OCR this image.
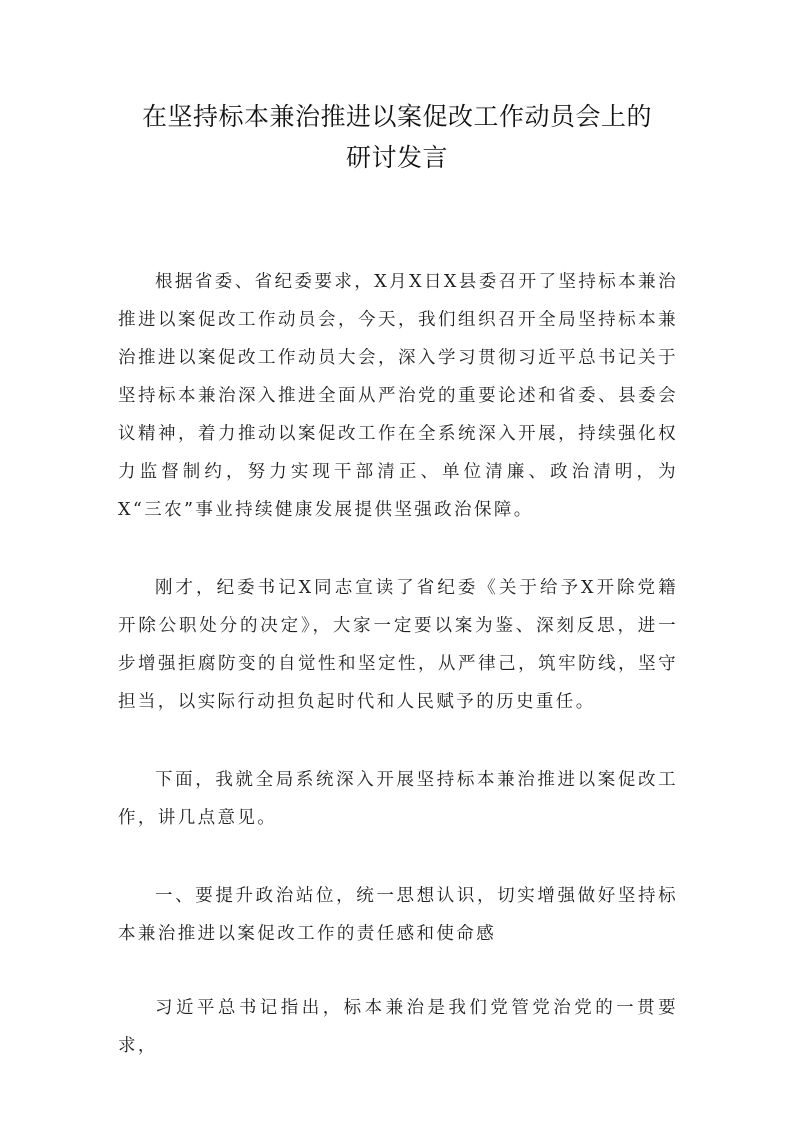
在坚持标本兼治推进以案促改工作动员会上的
研讨发言

根据省委、省纪委要求，X月X日X县委召开了坚持标本兼治推进以案促改工作动员会，今天，我们组织召开全局坚持标本兼治推进以案促改工作动员大会，深入学习贯彻习近平总书记关于坚持标本兼治深入推进全面从严治党的重要论述和省委、县委会议精神，着力推动以案促改工作在全系统深入开展，持续强化权力监督制约，努力实现干部清正、单位清廉、政治清明，为X“三农”事业持续健康发展提供坚强政治保障。

刚才，纪委书记X同志宣读了省纪委《关于给予X开除党籍开除公职处分的决定》，大家一定要以案为鉴、深刻反思，进一步增强拒腐防变的自觉性和坚定性，从严律己，筑牢防线，坚守担当，以实际行动担负起时代和人民赋予的历史重任。

下面，我就全局系统深入开展坚持标本兼治推进以案促改工作，讲几点意见。

一、要提升政治站位，统一思想认识，切实增强做好坚持标本兼治推进以案促改工作的责任感和使命感

习近平总书记指出，标本兼治是我们党管党治党的一贯要求，
